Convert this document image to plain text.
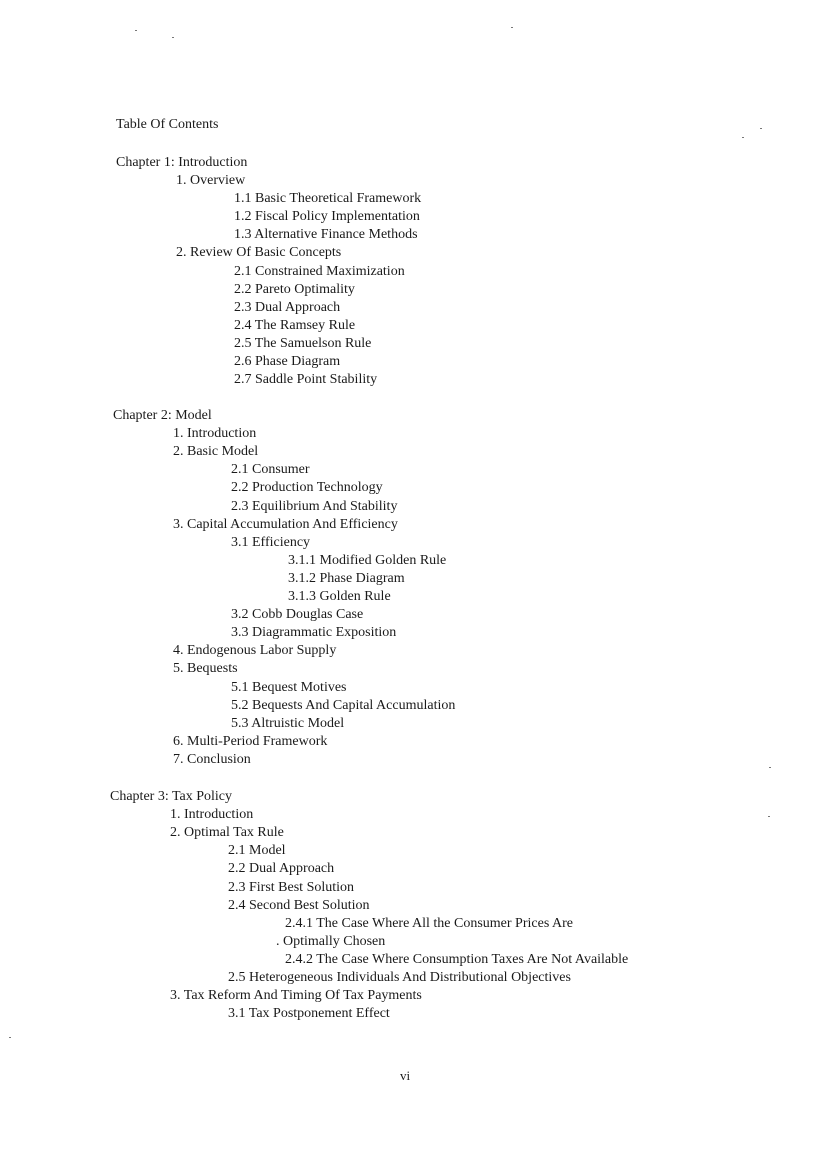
Table Of Contents
Chapter 1: Introduction
1. Overview
1.1 Basic Theoretical Framework
1.2 Fiscal Policy Implementation
1.3 Alternative Finance Methods
2. Review Of Basic Concepts
2.1 Constrained Maximization
2.2 Pareto Optimality
2.3 Dual Approach
2.4 The Ramsey Rule
2.5 The Samuelson Rule
2.6 Phase Diagram
2.7 Saddle Point Stability
Chapter 2: Model
1. Introduction
2. Basic Model
2.1 Consumer
2.2 Production Technology
2.3 Equilibrium And Stability
3. Capital Accumulation And Efficiency
3.1 Efficiency
3.1.1 Modified Golden Rule
3.1.2 Phase Diagram
3.1.3 Golden Rule
3.2 Cobb Douglas Case
3.3 Diagrammatic Exposition
4. Endogenous Labor Supply
5. Bequests
5.1 Bequest Motives
5.2 Bequests And Capital Accumulation
5.3 Altruistic Model
6. Multi-Period Framework
7. Conclusion
Chapter 3: Tax Policy
1. Introduction
2. Optimal Tax Rule
2.1 Model
2.2 Dual Approach
2.3 First Best Solution
2.4 Second Best Solution
2.4.1 The Case Where All the Consumer Prices Are
. Optimally Chosen
2.4.2 The Case Where Consumption Taxes Are Not Available
2.5 Heterogeneous Individuals And Distributional Objectives
3. Tax Reform And Timing Of Tax Payments
3.1 Tax Postponement Effect
vi
